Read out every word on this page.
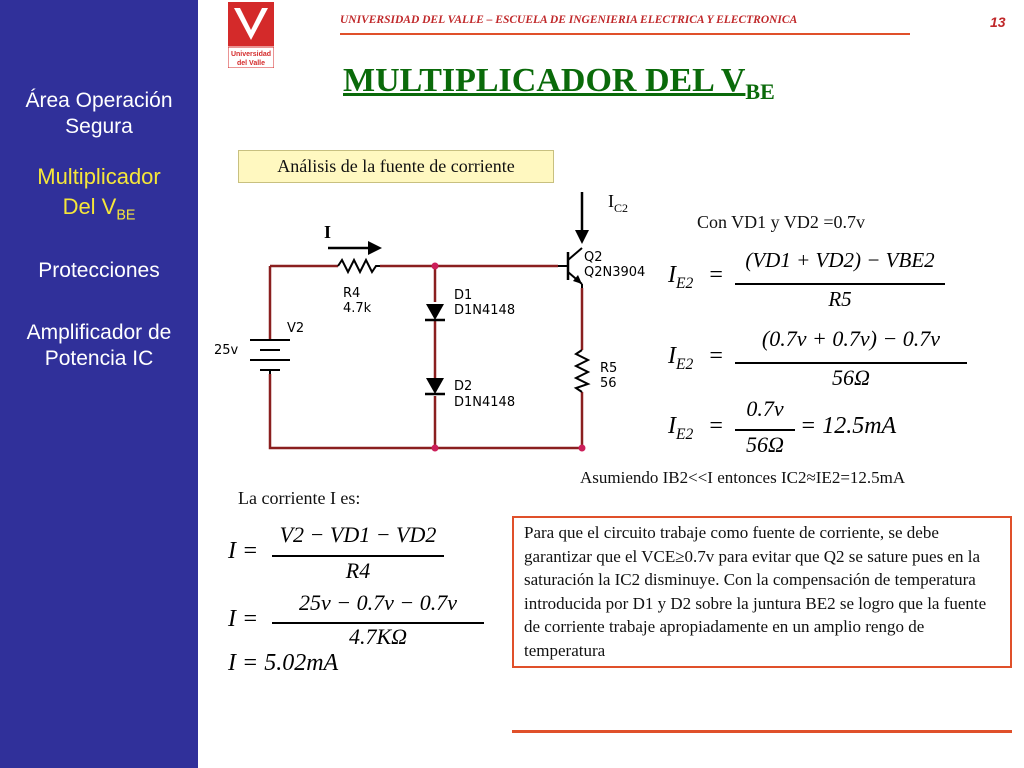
Área Operación
Segura
Multiplicador
Del $V_{BE}$
Protecciones
Amplificador de
Potencia IC
Universidad
del Valle
UNIVERSIDAD DEL VALLE – ESCUELA DE INGENIERIA ELECTRICA Y ELECTRONICA	13
MULTIPLICADOR DEL $V_{BE}$
Análisis de la fuente de corriente
I
$I_{C2}$
R4
4.7k
D1
D1N4148
D2
D1N4148
V2
25v
Q2
Q2N3904
R5
56
Con VD1 y VD2 =0.7v
$I_{E2}$ =
(VD1 + VD2) − VBE2
R5
$I_{E2}$ =
(0.7v + 0.7v) − 0.7v
56Ω
$I_{E2}$ =
0.7v
56Ω
= 12.5mA
Asumiendo IB2<<I entonces IC2≈IE2=12.5mA
La corriente I es:
I =
V2 − VD1 − VD2
R4
I =
25v − 0.7v − 0.7v
4.7KΩ
I = 5.02mA
Para que el circuito trabaje como fuente de corriente, se debe garantizar que el VCE≥0.7v para evitar que Q2 se sature pues en la saturación la IC2 disminuye. Con la compensación de temperatura introducida por D1 y D2 sobre la juntura BE2 se logro que la fuente de corriente trabaje apropiadamente en un amplio rengo de temperatura
